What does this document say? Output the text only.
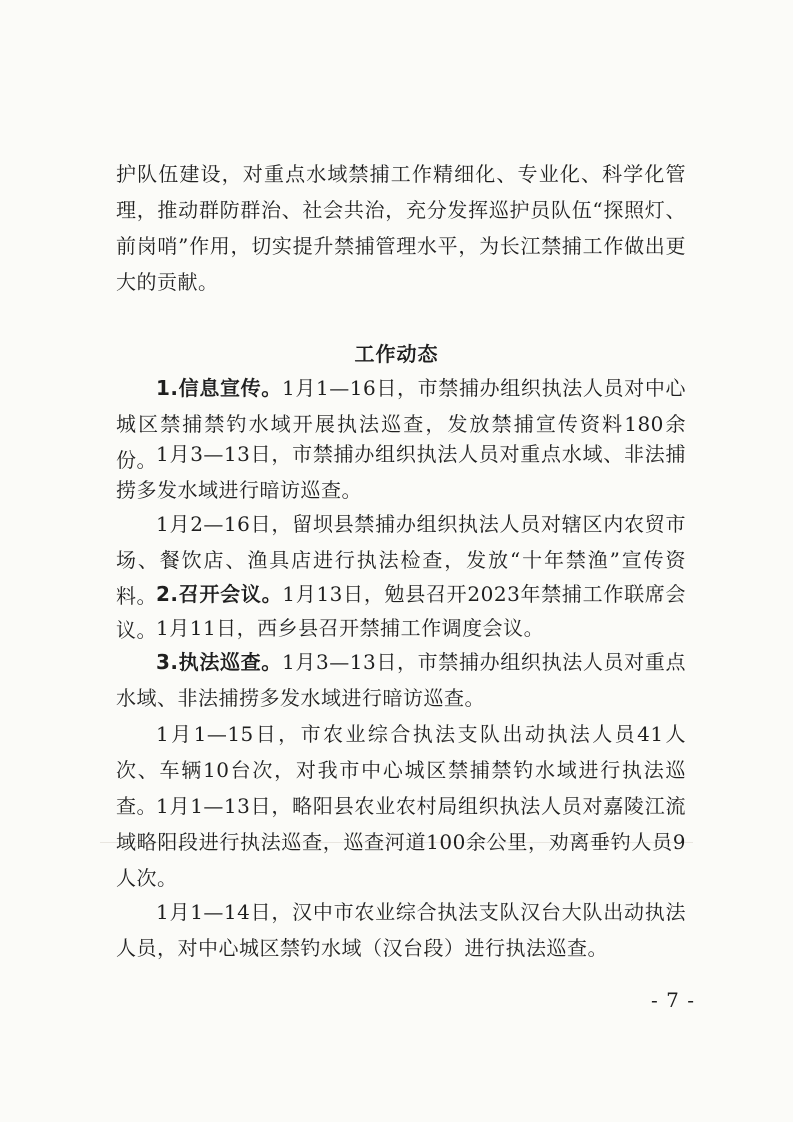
护队伍建设，对重点水域禁捕工作精细化、专业化、科学化管理，推动群防群治、社会共治，充分发挥巡护员队伍“探照灯、前岗哨”作用，切实提升禁捕管理水平，为长江禁捕工作做出更大的贡献。

工作动态

1.信息宣传。1月1—16日，市禁捕办组织执法人员对中心城区禁捕禁钓水域开展执法巡查，发放禁捕宣传资料180余份。 1月3—13日，市禁捕办组织执法人员对重点水域、非法捕捞多发水域进行暗访巡查。

1月2—16日，留坝县禁捕办组织执法人员对辖区内农贸市场、餐饮店、渔具店进行执法检查，发放“十年禁渔”宣传资料。 2.召开会议。1月13日，勉县召开2023年禁捕工作联席会议。 1月11日，西乡县召开禁捕工作调度会议。

3.执法巡查。1月3—13日，市禁捕办组织执法人员对重点水域、非法捕捞多发水域进行暗访巡查。

1月1—15日，市农业综合执法支队出动执法人员41人次、车辆10台次，对我市中心城区禁捕禁钓水域进行执法巡查。 1月1—13日，略阳县农业农村局组织执法人员对嘉陵江流域略阳段进行执法巡查，巡查河道100余公里，劝离垂钓人员9人次。

1月1—14日，汉中市农业综合执法支队汉台大队出动执法人员，对中心城区禁钓水域（汉台段）进行执法巡查。

- 7 -
